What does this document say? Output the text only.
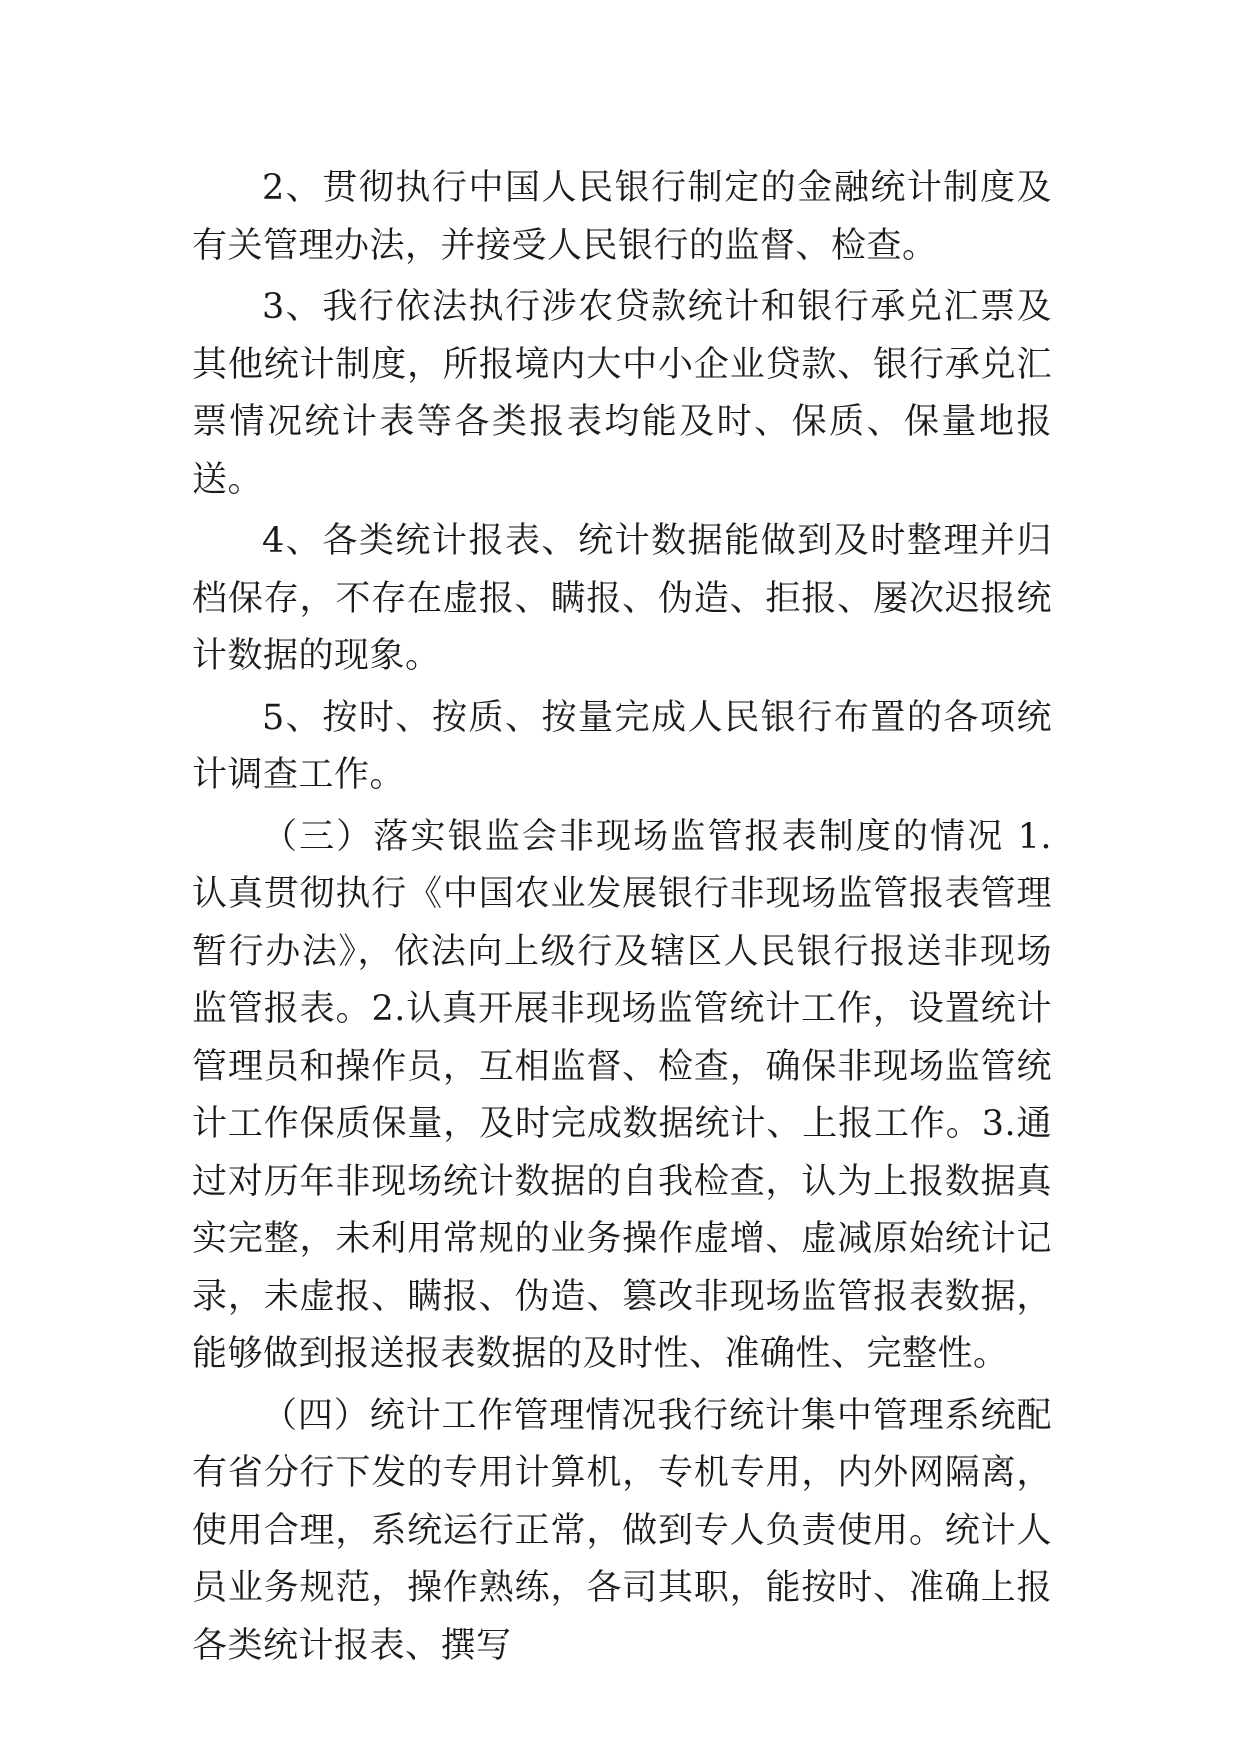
2、贯彻执行中国人民银行制定的金融统计制度及有关管理办法，并接受人民银行的监督、检查。

3、我行依法执行涉农贷款统计和银行承兑汇票及其他统计制度，所报境内大中小企业贷款、银行承兑汇票情况统计表等各类报表均能及时、保质、保量地报送。

4、各类统计报表、统计数据能做到及时整理并归档保存，不存在虚报、瞒报、伪造、拒报、屡次迟报统计数据的现象。

5、按时、按质、按量完成人民银行布置的各项统计调查工作。

（三）落实银监会非现场监管报表制度的情况 1.认真贯彻执行《中国农业发展银行非现场监管报表管理暂行办法》，依法向上级行及辖区人民银行报送非现场监管报表。2.认真开展非现场监管统计工作，设置统计管理员和操作员，互相监督、检查，确保非现场监管统计工作保质保量，及时完成数据统计、上报工作。3.通过对历年非现场统计数据的自我检查，认为上报数据真实完整，未利用常规的业务操作虚增、虚减原始统计记录，未虚报、瞒报、伪造、篡改非现场监管报表数据，能够做到报送报表数据的及时性、准确性、完整性。

（四）统计工作管理情况我行统计集中管理系统配有省分行下发的专用计算机，专机专用，内外网隔离，使用合理，系统运行正常，做到专人负责使用。统计人员业务规范，操作熟练，各司其职，能按时、准确上报各类统计报表、撰写
